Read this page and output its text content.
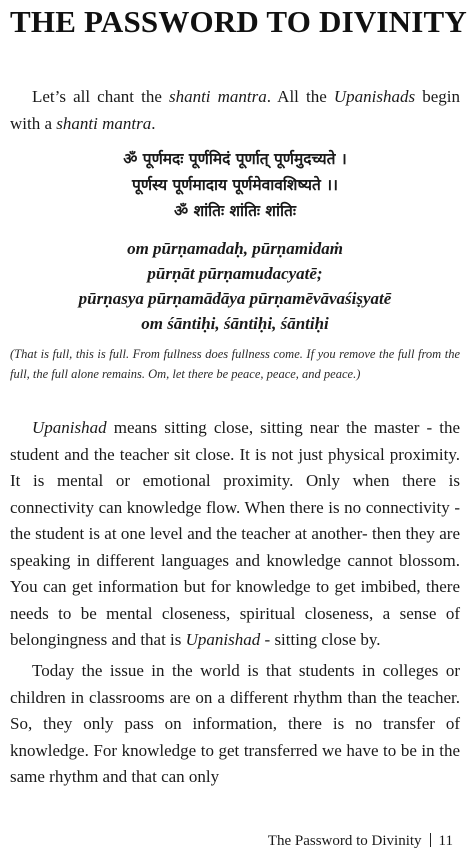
THE PASSWORD TO DIVINITY

Let’s all chant the shanti mantra. All the Upanishads begin with a shanti mantra.

ॐ पूर्णमदः पूर्णमिदं पूर्णात् पूर्णमुदच्यते ।
पूर्णस्य पूर्णमादाय पूर्णमेवावशिष्यते ।।
ॐ शांतिः शांतिः शांतिः
om pūrṇamadaḥ, pūrṇamidaṁ
pūrṇāt pūrṇamudacyatē;
pūrṇasya pūrṇamādāya pūrṇamēvāvaśiṣyatē
om śāntiḥi, śāntiḥi, śāntiḥi

(That is full, this is full. From fullness does fullness come. If you remove the full from the full, the full alone remains. Om, let there be peace, peace, and peace.)

Upanishad means sitting close, sitting near the master - the student and the teacher sit close. It is not just physical proximity. It is mental or emotional proximity. Only when there is connectivity can knowledge flow. When there is no connectivity - the student is at one level and the teacher at another- then they are speaking in different languages and knowledge cannot blossom. You can get information but for knowledge to get imbibed, there needs to be mental closeness, spiritual closeness, a sense of belongingness and that is Upanishad - sitting close by.

Today the issue in the world is that students in colleges or children in classrooms are on a different rhythm than the teacher. So, they only pass on information, there is no transfer of knowledge. For knowledge to get transferred we have to be in the same rhythm and that can only

The Password to Divinity 11
